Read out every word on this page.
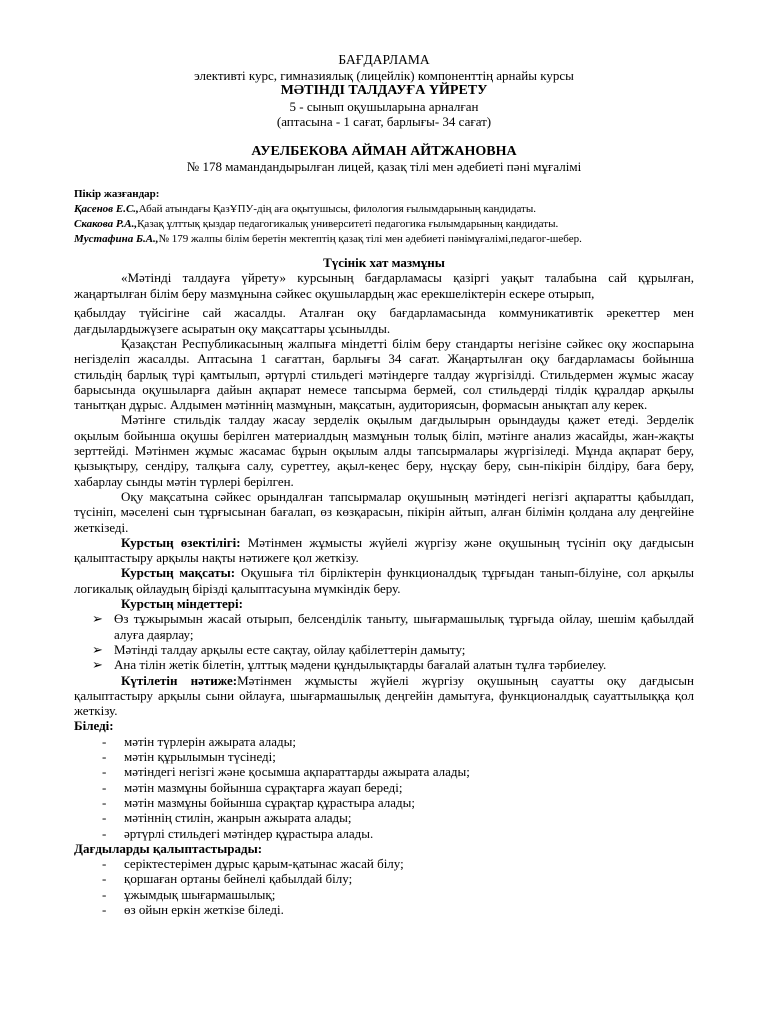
БАҒДАРЛАМА
элективті курс, гимназиялық (лицейлік) компоненттің арнайы курсы
МӘТІНДІ ТАЛДАУҒА ҮЙРЕТУ
5 - сынып оқушыларына арналған
(аптасына - 1 сағат, барлығы- 34 сағат)
АУЕЛБЕКОВА АЙМАН АЙТЖАНОВНА
№ 178 мамандандырылған лицей, қазақ тілі мен әдебиеті пәні мұғалімі
Пікір жазғандар:
Қасенов Е.С.,Абай атындағы ҚазҰПУ-дің аға оқытушысы, филология ғылымдарының кандидаты.
Скакова Р.А.,Қазақ ұлттық қыздар педагогикалық университеті педагогика ғылымдарының кандидаты.
Мустафина Б.А.,№ 179 жалпы білім беретін мектептің қазақ тілі мен әдебиеті пәнімұғалімі,педагог-шебер.
Түсінік хат мазмұны

«Мәтінді талдауға үйрету» курсының бағдарламасы қазіргі уақыт талабына сай құрылған, жаңартылған білім беру мазмұнына сәйкес оқушылардың жас ерекшеліктерін ескере отырып,

қабылдау түйсігіне сай жасалды. Аталған оқу бағдарламасында коммуникативтік әрекеттер мен дағдылардыжүзеге асыратын оқу мақсаттары ұсынылды.

Қазақстан Республикасының жалпыға міндетті білім беру стандарты негізіне сәйкес оқу жоспарына негізделіп жасалды. Аптасына 1 сағаттан, барлығы 34 сағат. Жаңартылған оқу бағдарламасы бойынша стильдің барлық түрі қамтылып, әртүрлі стильдегі мәтіндерге талдау жүргізілді. Стильдермен жұмыс жасау барысында оқушыларға дайын ақпарат немесе тапсырма бермей, сол стильдерді тілдік құралдар арқылы танытқан дұрыс. Алдымен мәтіннің мазмұнын, мақсатын, аудиториясын, формасын анықтап алу керек.

Мәтінге стильдік талдау жасау зерделік оқылым дағдылырын орындауды қажет етеді. Зерделік оқылым бойынша оқушы берілген материалдың мазмұнын толық біліп, мәтінге анализ жасайды, жан-жақты зерттейді. Мәтінмен жұмыс жасамас бұрын оқылым алды тапсырмалары жүргізіледі. Мұнда ақпарат беру, қызықтыру, сендіру, талқыға салу, суреттеу, ақыл-кеңес беру, нұсқау беру, сын-пікірін білдіру, баға беру, хабарлау сынды мәтін түрлері берілген.

Оқу мақсатына сәйкес орындалған тапсырмалар оқушының мәтіндегі негізгі ақпаратты қабылдап, түсініп, мәселені сын тұрғысынан бағалап, өз көзқарасын, пікірін айтып, алған білімін қолдана алу деңгейіне жеткізеді.

Курстың өзектілігі: Мәтінмен жұмысты жүйелі жүргізу және оқушының түсініп оқу дағдысын қалыптастыру арқылы нақты нәтижеге қол жеткізу.

Курстың мақсаты: Оқушыға тіл бірліктерін функционалдық тұрғыдан танып-білуіне, сол арқылы логикалық ойлаудың бірізді қалыптасуына мүмкіндік беру.

Курстың міндеттері:

➢ Өз тұжырымын жасай отырып, белсенділік таныту, шығармашылық тұрғыда ойлау, шешім қабылдай алуға даярлау;
➢ Мәтінді талдау арқылы есте сақтау, ойлау қабілеттерін дамыту;
➢ Ана тілін жетік білетін, ұлттық мәдени құндылықтарды бағалай алатын тұлға тәрбиелеу.

Күтілетін нәтиже:Мәтінмен жұмысты жүйелі жүргізу оқушының сауатты оқу дағдысын қалыптастыру арқылы сыни ойлауға, шығармашылық деңгейін дамытуға, функционалдық сауаттылыққа қол жеткізу.

Біледі:

- мәтін түрлерін ажырата алады;
- мәтін құрылымын түсінеді;
- мәтіндегі негізгі және қосымша ақпараттарды ажырата алады;
- мәтін мазмұны бойынша сұрақтарға жауап береді;
- мәтін мазмұны бойынша сұрақтар құрастыра алады;
- мәтіннің стилін, жанрын ажырата алады;
- әртүрлі стильдегі мәтіндер құрастыра алады.

Дағдыларды қалыптастырады:

- серіктестерімен дұрыс қарым-қатынас жасай білу;
- қоршаған ортаны бейнелі қабылдай білу;
- ұжымдық шығармашылық;
- өз ойын еркін жеткізе біледі.
